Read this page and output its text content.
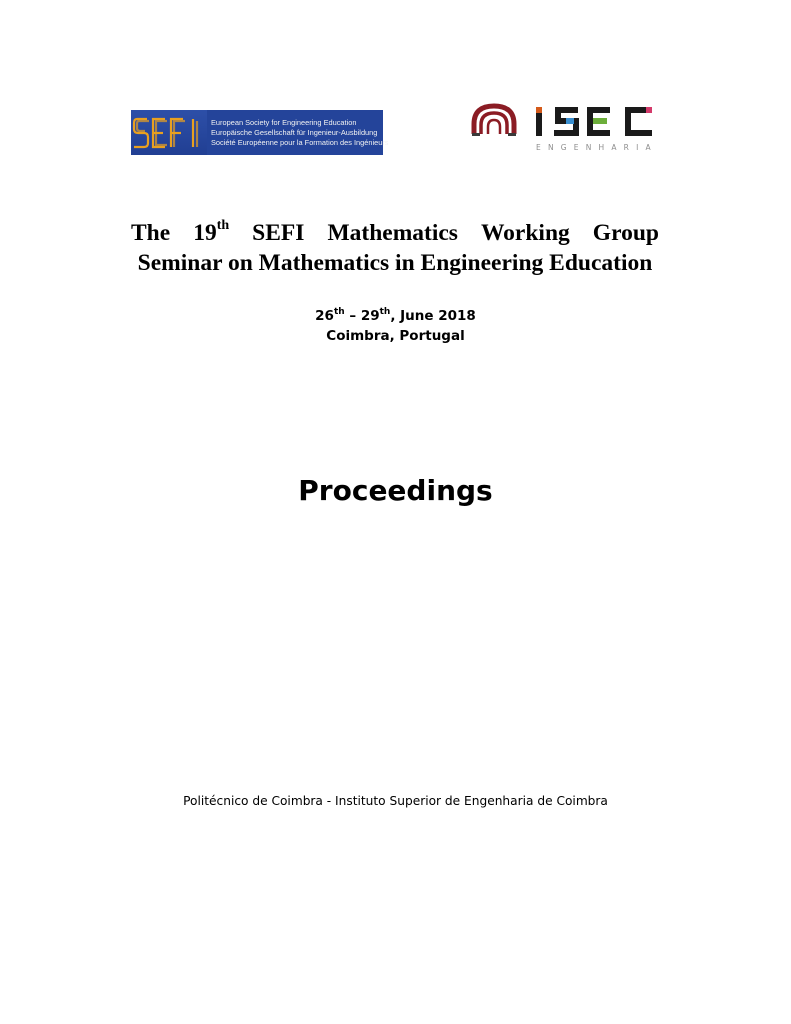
European Society for Engineering Education
Europäische Gesellschaft für Ingenieur-Ausbildung
Société Européenne pour la Formation des Ingénieurs
ENGENHARIA
The 19th SEFI Mathematics Working Group
Seminar on Mathematics in Engineering Education
26th – 29th, June 2018
Coimbra, Portugal
Proceedings
Politécnico de Coimbra - Instituto Superior de Engenharia de Coimbra
